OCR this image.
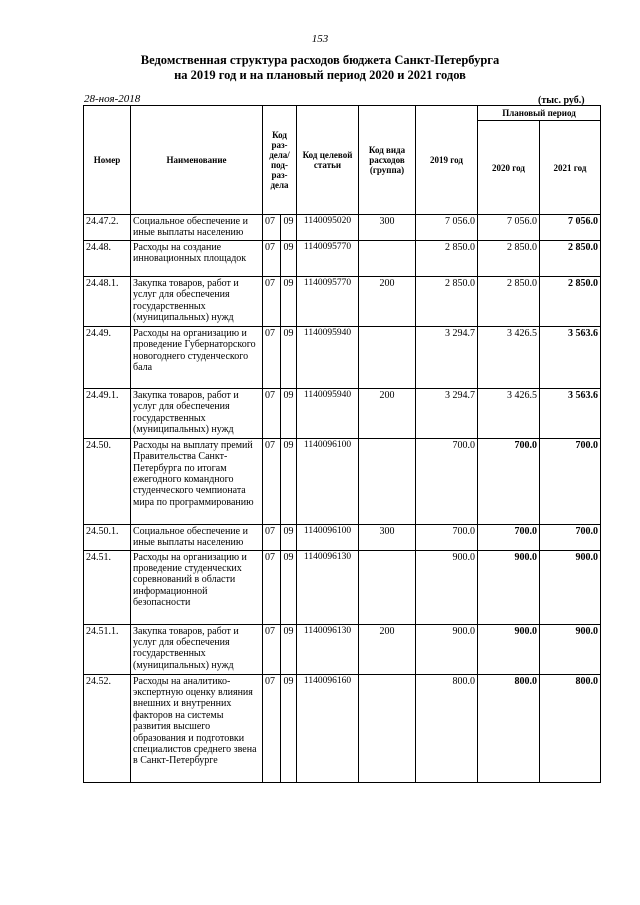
153
Ведомственная структура расходов бюджета Санкт-Петербурга
на 2019 год и на плановый период 2020 и 2021 годов
28-ноя-2018	(тыс. руб.)
Номер	Наименование	Код раз-дела/ под-раз-дела		Код целевой статьи	Код вида расходов (группа)	2019 год	Плановый период	
							2020 год	2021 год
24.47.2.	Социальное обеспечение и иные выплаты населению	07	09	1140095020	300	7 056.0	7 056.0	7 056.0
24.48.	Расходы на создание инновационных площадок	07	09	1140095770		2 850.0	2 850.0	2 850.0
24.48.1.	Закупка товаров, работ и услуг для обеспечения государственных (муниципальных) нужд	07	09	1140095770	200	2 850.0	2 850.0	2 850.0
24.49.	Расходы на организацию и проведение Губернаторского новогоднего студенческого бала	07	09	1140095940		3 294.7	3 426.5	3 563.6
24.49.1.	Закупка товаров, работ и услуг для обеспечения государственных (муниципальных) нужд	07	09	1140095940	200	3 294.7	3 426.5	3 563.6
24.50.	Расходы на выплату премий Правительства Санкт-Петербурга по итогам ежегодного командного студенческого чемпионата мира по программированию	07	09	1140096100		700.0	700.0	700.0
24.50.1.	Социальное обеспечение и иные выплаты населению	07	09	1140096100	300	700.0	700.0	700.0
24.51.	Расходы на организацию и проведение студенческих соревнований в области информационной безопасности	07	09	1140096130		900.0	900.0	900.0
24.51.1.	Закупка товаров, работ и услуг для обеспечения государственных (муниципальных) нужд	07	09	1140096130	200	900.0	900.0	900.0
24.52.	Расходы на аналитико-экспертную оценку влияния внешних и внутренних факторов на системы развития высшего образования и подготовки специалистов среднего звена в Санкт-Петербурге	07	09	1140096160		800.0	800.0	800.0
